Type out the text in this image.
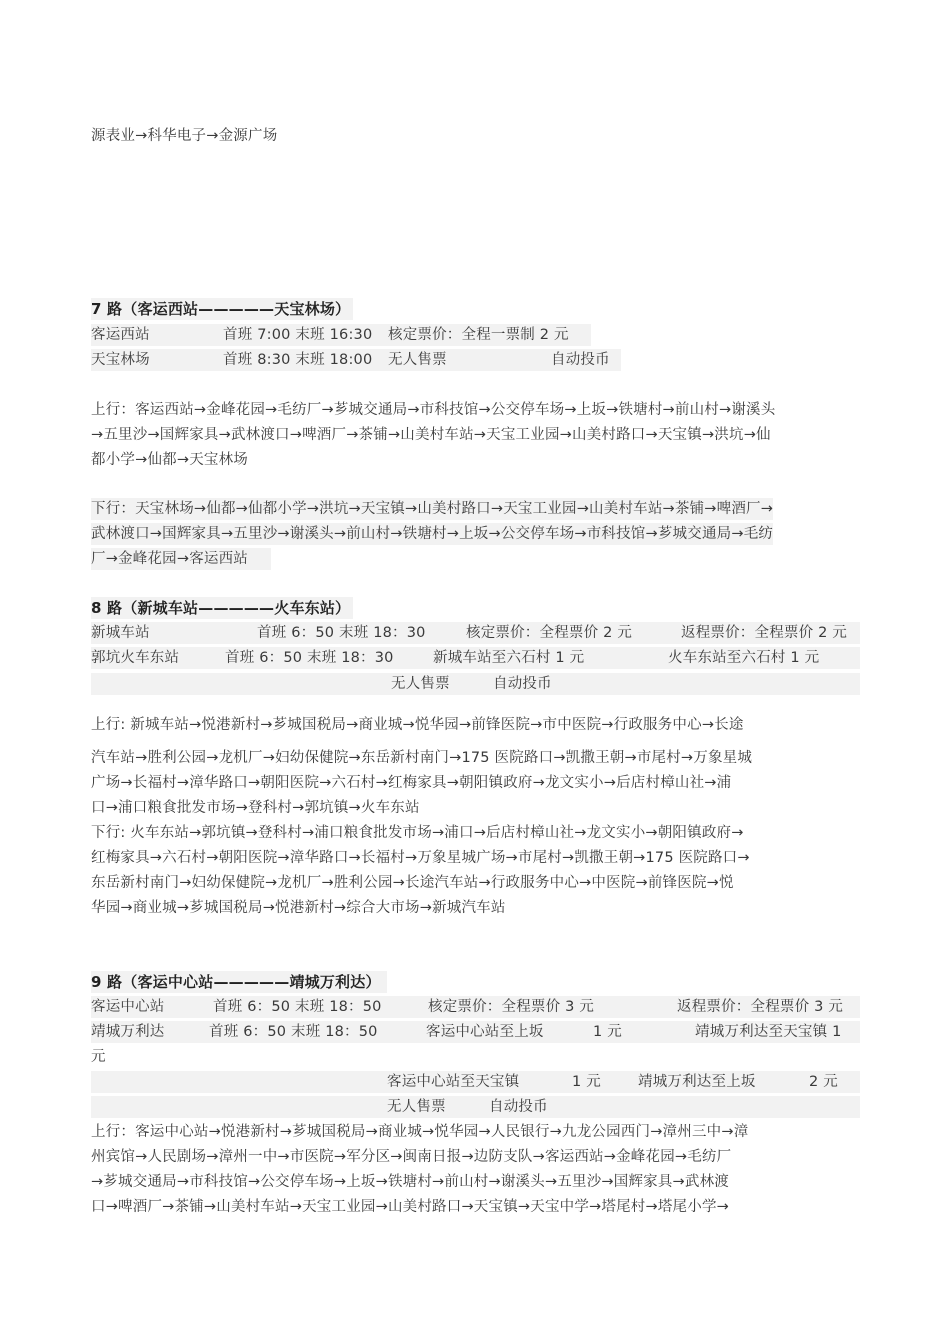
源表业→科华电子→金源广场
7 路（客运西站—————天宝林场）
客运西站	首班 7:00 末班 16:30 核定票价：全程一票制 2 元
天宝林场	首班 8:30 末班 18:00 无人售票	自动投币
上行：客运西站→金峰花园→毛纺厂→芗城交通局→市科技馆→公交停车场→上坂→铁塘村→前山村→谢溪头
→五里沙→国辉家具→武林渡口→啤酒厂→茶铺→山美村车站→天宝工业园→山美村路口→天宝镇→洪坑→仙
都小学→仙都→天宝林场
下行：天宝林场→仙都→仙都小学→洪坑→天宝镇→山美村路口→天宝工业园→山美村车站→茶铺→啤酒厂→
武林渡口→国辉家具→五里沙→谢溪头→前山村→铁塘村→上坂→公交停车场→市科技馆→芗城交通局→毛纺
厂→金峰花园→客运西站
8 路（新城车站—————火车东站）
新城车站	首班 6：50 末班 18：30	核定票价：全程票价 2 元	返程票价：全程票价 2 元
郭坑火车东站	首班 6：50 末班 18：30	新城车站至六石村 1 元	火车东站至六石村 1 元
无人售票	自动投币
上行: 新城车站→悦港新村→芗城国税局→商业城→悦华园→前锋医院→市中医院→行政服务中心→长途
汽车站→胜利公园→龙机厂→妇幼保健院→东岳新村南门→175 医院路口→凯撒王朝→市尾村→万象星城
广场→长福村→漳华路口→朝阳医院→六石村→红梅家具→朝阳镇政府→龙文实小→后店村樟山社→浦
口→浦口粮食批发市场→登科村→郭坑镇→火车东站
下行: 火车东站→郭坑镇→登科村→浦口粮食批发市场→浦口→后店村樟山社→龙文实小→朝阳镇政府→
红梅家具→六石村→朝阳医院→漳华路口→长福村→万象星城广场→市尾村→凯撒王朝→175 医院路口→
东岳新村南门→妇幼保健院→龙机厂→胜利公园→长途汽车站→行政服务中心→中医院→前锋医院→悦
华园→商业城→芗城国税局→悦港新村→综合大市场→新城汽车站
9 路（客运中心站—————靖城万利达）
客运中心站	首班 6：50 末班 18：50	核定票价：全程票价 3 元	返程票价：全程票价 3 元
靖城万利达	首班 6：50 末班 18：50	客运中心站至上坂	1 元	靖城万利达至天宝镇 1
元
客运中心站至天宝镇	1 元	靖城万利达至上坂	2 元
无人售票	自动投币
上行：客运中心站→悦港新村→芗城国税局→商业城→悦华园→人民银行→九龙公园西门→漳州三中→漳
州宾馆→人民剧场→漳州一中→市医院→军分区→闽南日报→边防支队→客运西站→金峰花园→毛纺厂
→芗城交通局→市科技馆→公交停车场→上坂→铁塘村→前山村→谢溪头→五里沙→国辉家具→武林渡
口→啤酒厂→茶铺→山美村车站→天宝工业园→山美村路口→天宝镇→天宝中学→塔尾村→塔尾小学→
